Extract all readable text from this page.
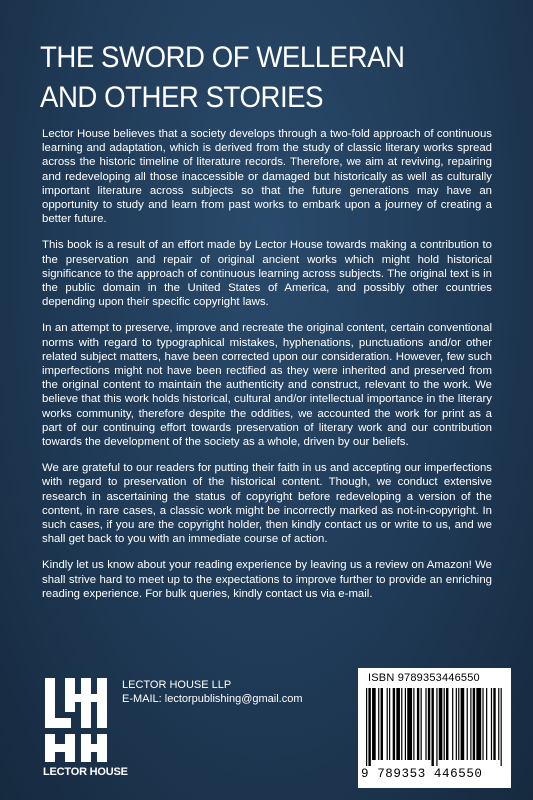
THE SWORD OF WELLERAN
AND OTHER STORIES

Lector House believes that a society develops through a two-fold approach of continuous learning and adaptation, which is derived from the study of classic literary works spread across the historic timeline of literature records. Therefore, we aim at reviving, repairing and redeveloping all those inaccessible or damaged but historically as well as culturally important literature across subjects so that the future generations may have an opportunity to study and learn from past works to embark upon a journey of creating a better future.

This book is a result of an effort made by Lector House towards making a contribution to the preservation and repair of original ancient works which might hold historical significance to the approach of continuous learning across subjects. The original text is in the public domain in the United States of America, and possibly other countries depending upon their specific copyright laws.

In an attempt to preserve, improve and recreate the original content, certain conventional norms with regard to typographical mistakes, hyphenations, punctuations and/or other related subject matters, have been corrected upon our consideration. However, few such imperfections might not have been rectified as they were inherited and preserved from the original content to maintain the authenticity and construct, relevant to the work. We believe that this work holds historical, cultural and/or intellectual importance in the literary works community, therefore despite the oddities, we accounted the work for print as a part of our continuing effort towards preservation of literary work and our contribution towards the development of the society as a whole, driven by our beliefs.

We are grateful to our readers for putting their faith in us and accepting our imperfections with regard to preservation of the historical content. Though, we conduct extensive research in ascertaining the status of copyright before redeveloping a version of the content, in rare cases, a classic work might be incorrectly marked as not-in-copyright. In such cases, if you are the copyright holder, then kindly contact us or write to us, and we shall get back to you with an immediate course of action.

Kindly let us know about your reading experience by leaving us a review on Amazon! We shall strive hard to meet up to the expectations to improve further to provide an enriching reading experience. For bulk queries, kindly contact us via e-mail.

LECTOR HOUSE
LECTOR HOUSE LLP
E-MAIL: lectorpublishing@gmail.com
ISBN 9789353446550
9 789353 446550
